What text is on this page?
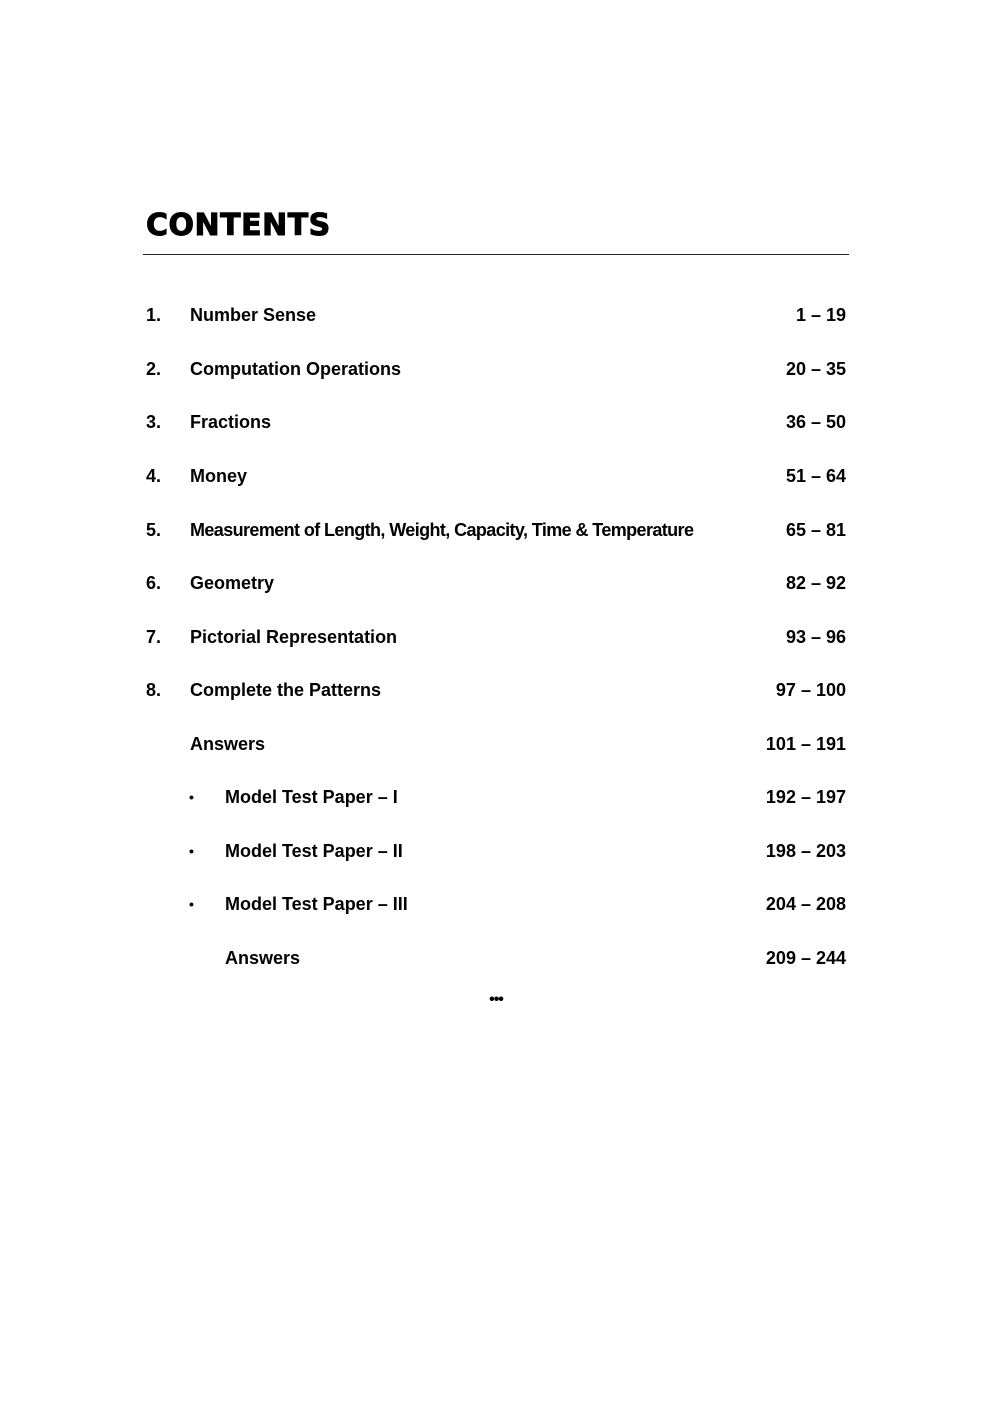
CONTENTS
1. Number Sense	1 – 19
2. Computation Operations	20 – 35
3. Fractions	36 – 50
4. Money	51 – 64
5. Measurement of Length, Weight, Capacity, Time & Temperature	65 – 81
6. Geometry	82 – 92
7. Pictorial Representation	93 – 96
8. Complete the Patterns	97 – 100
Answers	101 – 191
• Model Test Paper – I	192 – 197
• Model Test Paper – II	198 – 203
• Model Test Paper – III	204 – 208
Answers	209 – 244
•••
